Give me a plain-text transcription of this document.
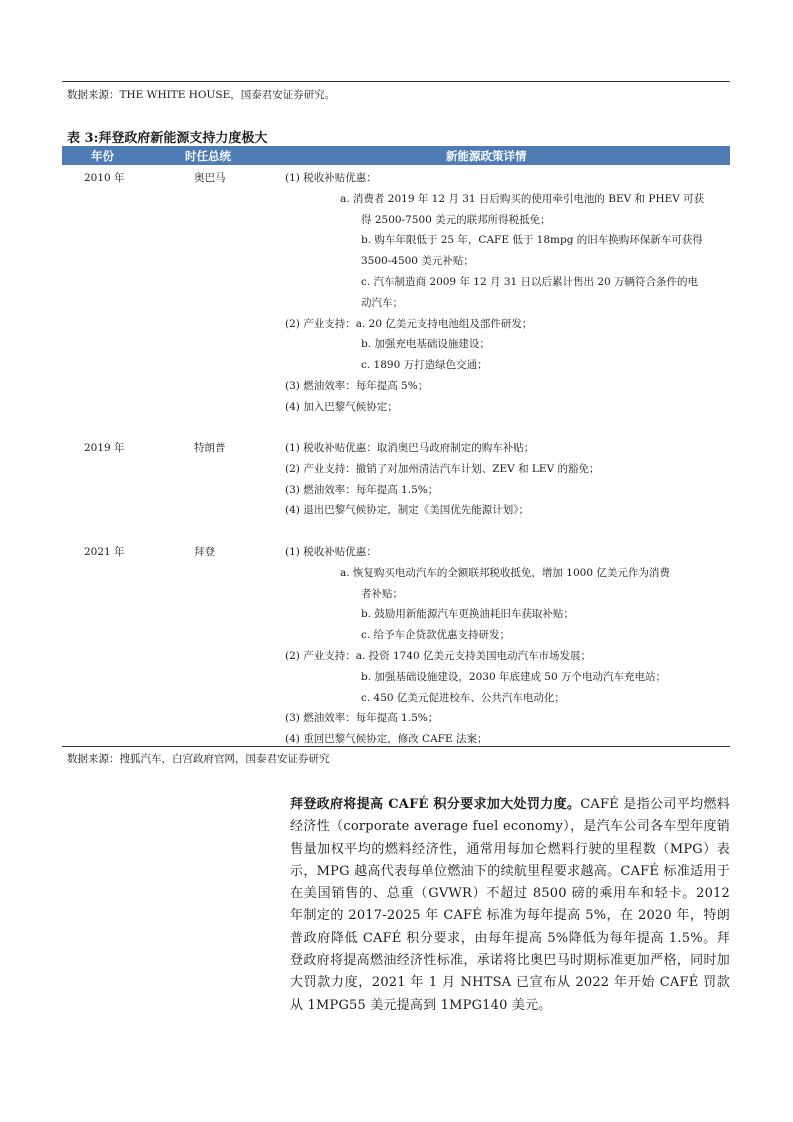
数据来源：THE WHITE HOUSE，国泰君安证券研究。
表 3:拜登政府新能源支持力度极大
年份	时任总统	新能源政策详情
2010 年	奥巴马	(1) 税收补贴优惠：
a. 消费者 2019 年 12 月 31 日后购买的使用牵引电池的 BEV 和 PHEV 可获
得 2500-7500 美元的联邦所得税抵免；
b. 购车年限低于 25 年，CAFE 低于 18mpg 的旧车换购环保新车可获得
3500-4500 美元补贴；
c. 汽车制造商 2009 年 12 月 31 日以后累计售出 20 万辆符合条件的电
动汽车；
(2) 产业支持：a. 20 亿美元支持电池组及部件研发；
b. 加强充电基础设施建设；
c. 1890 万打造绿色交通；
(3) 燃油效率：每年提高 5%；
(4) 加入巴黎气候协定；
2019 年	特朗普	(1) 税收补贴优惠：取消奥巴马政府制定的购车补贴；
(2) 产业支持：撤销了对加州清洁汽车计划、ZEV 和 LEV 的豁免；
(3) 燃油效率：每年提高 1.5%；
(4) 退出巴黎气候协定，制定《美国优先能源计划》；
2021 年	拜登	(1) 税收补贴优惠：
a. 恢复购买电动汽车的全额联邦税收抵免，增加 1000 亿美元作为消费
者补贴；
b. 鼓励用新能源汽车更换油耗旧车获取补贴；
c. 给予车企贷款优惠支持研发；
(2) 产业支持：a. 投资 1740 亿美元支持美国电动汽车市场发展；
b. 加强基础设施建设，2030 年底建成 50 万个电动汽车充电站；
c. 450 亿美元促进校车、公共汽车电动化；
(3) 燃油效率：每年提高 1.5%；
(4) 重回巴黎气候协定，修改 CAFE 法案；
数据来源：搜狐汽车，白宫政府官网，国泰君安证券研究
拜登政府将提高 CAFÉ 积分要求加大处罚力度。CAFÉ 是指公司平均燃料经济性（corporate average fuel economy），是汽车公司各车型年度销售量加权平均的燃料经济性，通常用每加仑燃料行驶的里程数（MPG）表示，MPG 越高代表每单位燃油下的续航里程要求越高。CAFÉ 标准适用于在美国销售的、总重（GVWR）不超过 8500 磅的乘用车和轻卡。2012 年制定的 2017-2025 年 CAFÉ 标准为每年提高 5%，在 2020 年，特朗普政府降低 CAFÉ 积分要求，由每年提高 5%降低为每年提高 1.5%。拜登政府将提高燃油经济性标准，承诺将比奥巴马时期标准更加严格，同时加大罚款力度，2021 年 1 月 NHTSA 已宣布从 2022 年开始 CAFÉ 罚款从 1MPG55 美元提高到 1MPG140 美元。
